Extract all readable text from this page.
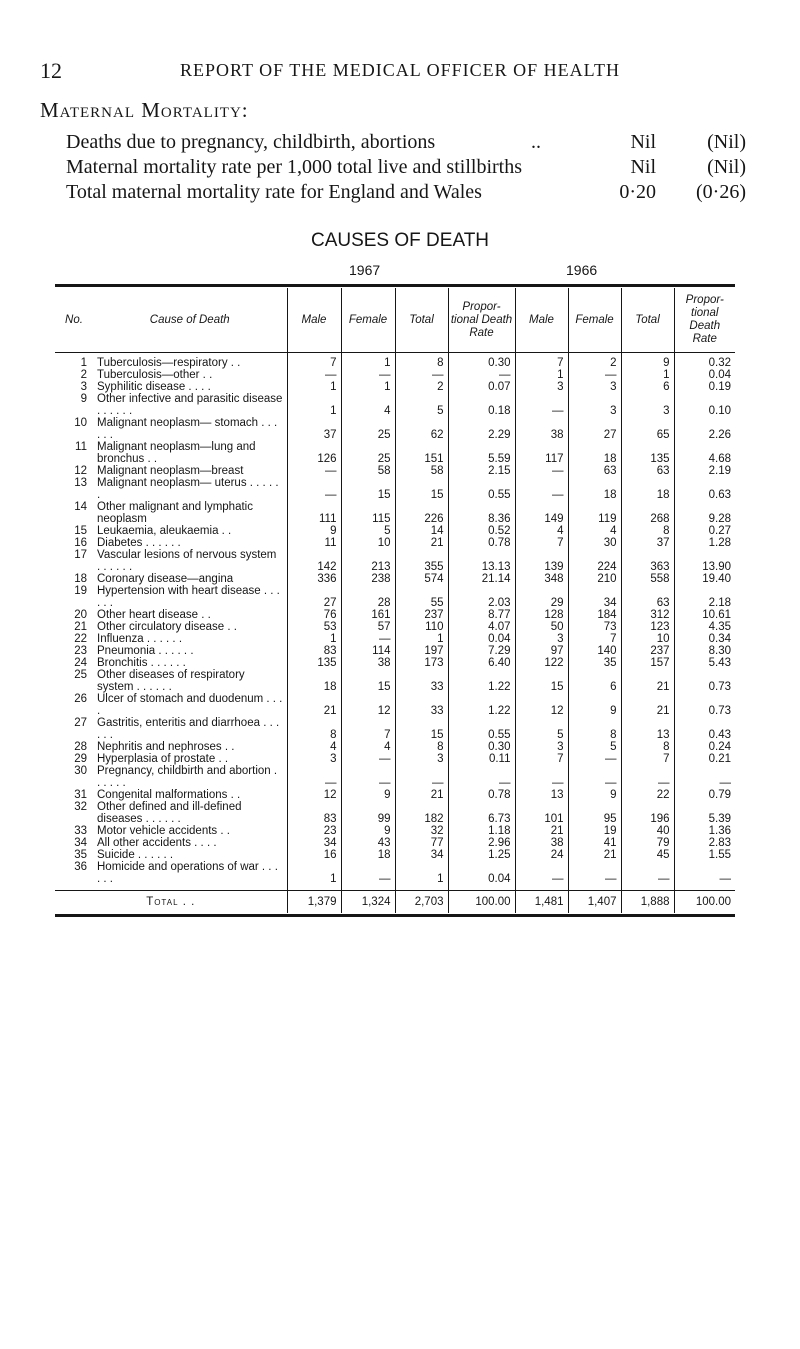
12	REPORT OF THE MEDICAL OFFICER OF HEALTH
Maternal Mortality:
Deaths due to pregnancy, childbirth, abortions	..	Nil	(Nil)
Maternal mortality rate per 1,000 total live and stillbirths	Nil	(Nil)
Total maternal mortality rate for England and Wales	0·20	(0·26)
CAUSES OF DEATH
1967	1966
No.	Cause of Death	Male	Female	Total	Propor-tional Death Rate	Male	Female	Total	Propor-tional Death Rate
1	Tuberculosis—respiratory . .	7	1	8	0.30	7	2	9	0.32
2	Tuberculosis—other . .	—	—	—	—	1	—	1	0.04
3	Syphilitic disease . . . .	1	1	2	0.07	3	3	6	0.19
9	Other infective and parasitic disease . . . . . .	1	4	5	0.18	—	3	3	0.10
10	Malignant neoplasm— stomach . . . . . .	37	25	62	2.29	38	27	65	2.26
11	Malignant neoplasm—lung and bronchus . .	126	25	151	5.59	117	18	135	4.68
12	Malignant neoplasm—breast	—	58	58	2.15	—	63	63	2.19
13	Malignant neoplasm— uterus . . . . . .	—	15	15	0.55	—	18	18	0.63
14	Other malignant and lymphatic neoplasm	111	115	226	8.36	149	119	268	9.28
15	Leukaemia, aleukaemia . .	9	5	14	0.52	4	4	8	0.27
16	Diabetes . . . . . .	11	10	21	0.78	7	30	37	1.28
17	Vascular lesions of nervous system . . . . . .	142	213	355	13.13	139	224	363	13.90
18	Coronary disease—angina	336	238	574	21.14	348	210	558	19.40
19	Hypertension with heart disease . . . . . .	27	28	55	2.03	29	34	63	2.18
20	Other heart disease . .	76	161	237	8.77	128	184	312	10.61
21	Other circulatory disease . .	53	57	110	4.07	50	73	123	4.35
22	Influenza . . . . . .	1	—	1	0.04	3	7	10	0.34
23	Pneumonia . . . . . .	83	114	197	7.29	97	140	237	8.30
24	Bronchitis . . . . . .	135	38	173	6.40	122	35	157	5.43
25	Other diseases of respiratory system . . . . . .	18	15	33	1.22	15	6	21	0.73
26	Ulcer of stomach and duodenum . . . .	21	12	33	1.22	12	9	21	0.73
27	Gastritis, enteritis and diarrhoea . . . . . .	8	7	15	0.55	5	8	13	0.43
28	Nephritis and nephroses . .	4	4	8	0.30	3	5	8	0.24
29	Hyperplasia of prostate . .	3	—	3	0.11	7	—	7	0.21
30	Pregnancy, childbirth and abortion . . . . . .	—	—	—	—	—	—	—	—
31	Congenital malformations . .	12	9	21	0.78	13	9	22	0.79
32	Other defined and ill-defined diseases . . . . . .	83	99	182	6.73	101	95	196	5.39
33	Motor vehicle accidents . .	23	9	32	1.18	21	19	40	1.36
34	All other accidents . . . .	34	43	77	2.96	38	41	79	2.83
35	Suicide . . . . . .	16	18	34	1.25	24	21	45	1.55
36	Homicide and operations of war . . . . . .	1	—	1	0.04	—	—	—	—
Total . .		1,379	1,324	2,703	100.00	1,481	1,407	1,888	100.00
